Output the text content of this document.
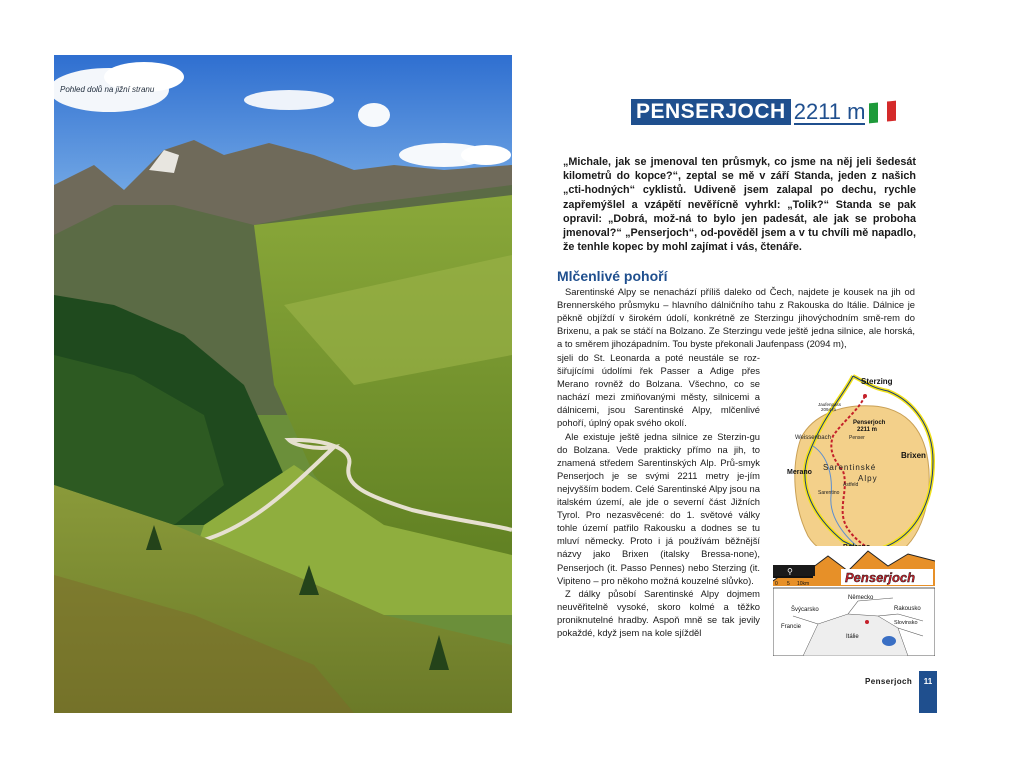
Pohled dolů na jižní stranu
PENSERJOCH 2211 m
„Michale, jak se jmenoval ten průsmyk, co jsme na něj jeli šedesát kilometrů do kopce?“, zeptal se mě v září Standa, jeden z našich „cti-hodných“ cyklistů. Udiveně jsem zalapal po dechu, rychle zapřemýšlel a vzápětí nevěřícně vyhrkl: „Tolik?“ Standa se pak opravil: „Dobrá, mož-ná to bylo jen padesát, ale jak se proboha jmenoval?“ „Penserjoch“, od-pověděl jsem a v tu chvíli mě napadlo, že tenhle kopec by mohl zajímat i vás, čtenáře.
Mlčenlivé pohoří

Sarentinské Alpy se nenachází příliš daleko od Čech, najdete je kousek na jih od Brennerského průsmyku – hlavního dálničního tahu z Rakouska do Itálie. Dálnice je pěkně objíždí v širokém údolí, konkrétně ze Sterzingu jihovýchodním smě-rem do Brixenu, a pak se stáčí na Bolzano. Ze Sterzingu vede ještě jedna silnice, ale horská, a to směrem jihozápadním. Tou byste překonali Jaufenpass (2094 m),

sjeli do St. Leonarda a poté neustále se roz-šiřujícími údolími řek Passer a Adige přes Merano rovněž do Bolzana. Všechno, co se nachází mezi zmiňovanými městy, silnicemi a dálnicemi, jsou Sarentinské Alpy, mlčenlivé pohoří, úplný opak svého okolí.

Ale existuje ještě jedna silnice ze Sterzin-gu do Bolzana. Vede prakticky přímo na jih, to znamená středem Sarentinských Alp. Prů-smyk Penserjoch je se svými 2211 metry je-jím nejvyšším bodem. Celé Sarentinské Alpy jsou na italském území, ale jde o severní část Jižních Tyrol. Pro nezasvěcené: do 1. světové války tohle území patřilo Rakousku a dodnes se tu mluví německy. Proto i já používám běžnější názvy jako Brixen (italsky Bressa-none), Penserjoch (it. Passo Pennes) nebo Sterzing (it. Vipiteno – pro někoho možná kouzelné slůvko).

Z dálky působí Sarentinské Alpy dojmem neuvěřitelně vysoké, skoro kolmé a těžko proniknutelné hradby. Aspoň mně se tak jevily pokaždé, když jsem na kole sjížděl

Sterzing
Jaufenpass
2094 m
Penserjoch
2211 m
Weissenbach	Penser
Brixen
Merano
Sarentinské
Alpy
Sarentino
Astfeld
⚲	Penserjoch
0 5 10km
Německo
Rakousko
Švýcarsko
Francie
Slovinsko
Itálie
Penserjoch	11
